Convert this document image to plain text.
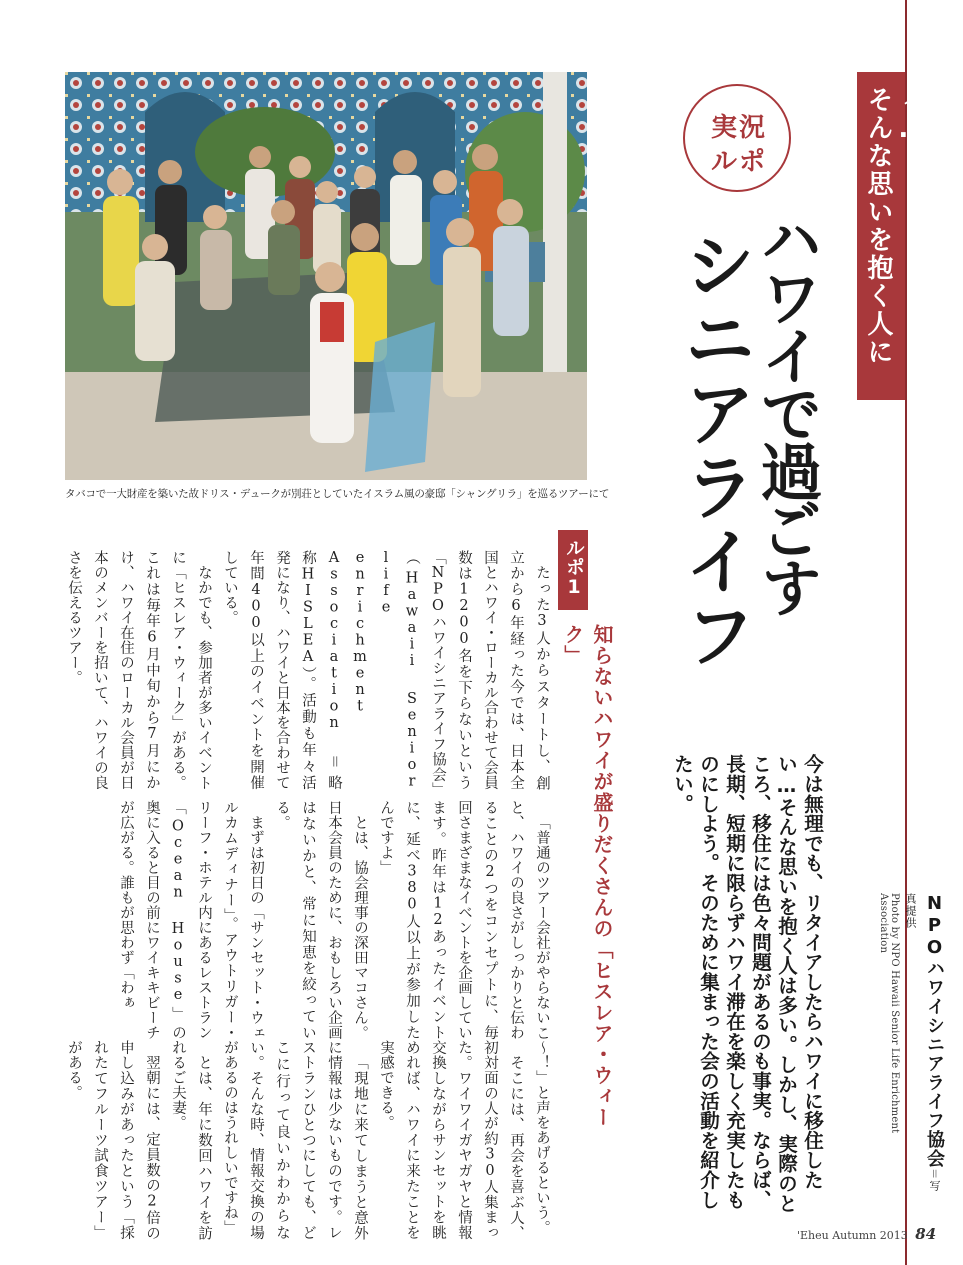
タバコで一大財産を築いた故ドリス・デュークが別荘としていたイスラム風の豪邸「シャングリラ」を巡るツアーにて
リタイアしたらハワイ…
そんな思いを抱く人に
実況
ルポ
ハワイで過ごす
シニアライフ
今は無理でも、リタイアしたらハワイに移住したい…そんな思いを抱く人は多い。しかし、実際のところ、移住には色々問題があるのも事実。ならば、長期、短期に限らずハワイ滞在を楽しく充実したものにしよう。そのために集まった会の活動を紹介したい。
NPOハワイシニアライフ協会＝写真提供
Photo by NPO Hawaii Senior Life Enrichment Association
ルポ1
知らないハワイが盛りだくさんの「ヒスレア・ウィーク」
たった3人からスタートし、創立から6年経った今では、日本全国とハワイ・ローカル合わせて会員数は1200名を下らないという「NPOハワイシニアライフ協会」（Hawaii Senior life enrichment Association ＝略称HISLEA）。活動も年々活発になり、ハワイと日本を合わせて年間400以上のイベントを開催している。
なかでも、参加者が多いイベントに「ヒスレア・ウィーク」がある。これは毎年6月中旬から7月にかけ、ハワイ在住のローカル会員が日本のメンバーを招いて、ハワイの良さを伝えるツアー。
「普通のツアー会社がやらないこと、ハワイの良さがしっかりと伝わることの2つをコンセプトに、毎回さまざまなイベントを企画しています。昨年は12あったイベントに、延べ380人以上が参加したんですよ」
とは、協会理事の深田マコさん。日本会員のために、おもしろい企画はないかと、常に知恵を絞っている。
まずは初日の「サンセット・ウェルカムディナー」。アウトリガー・リーフ・ホテル内にあるレストラン「Ocean House」の奥に入ると目の前にワイキキビーチが広がる。誰もが思わず「わぁ
〜！」と声をあげるという。
そこには、再会を喜ぶ人、初対面の人が約30人集まった。ワイワイガヤガヤと情報交換しながらサンセットを眺めれば、ハワイに来たことを実感できる。
「現地に来てしまうと意外に情報は少ないものです。レストランひとつにしても、どこに行って良いかわからない。そんな時、情報交換の場があるのはうれしいですね」
とは、年に数回ハワイを訪れるご夫妻。
翌朝には、定員数の2倍の申し込みがあったという「採れたてフルーツ試食ツアー」がある。
'Eheu Autumn 2013 84
